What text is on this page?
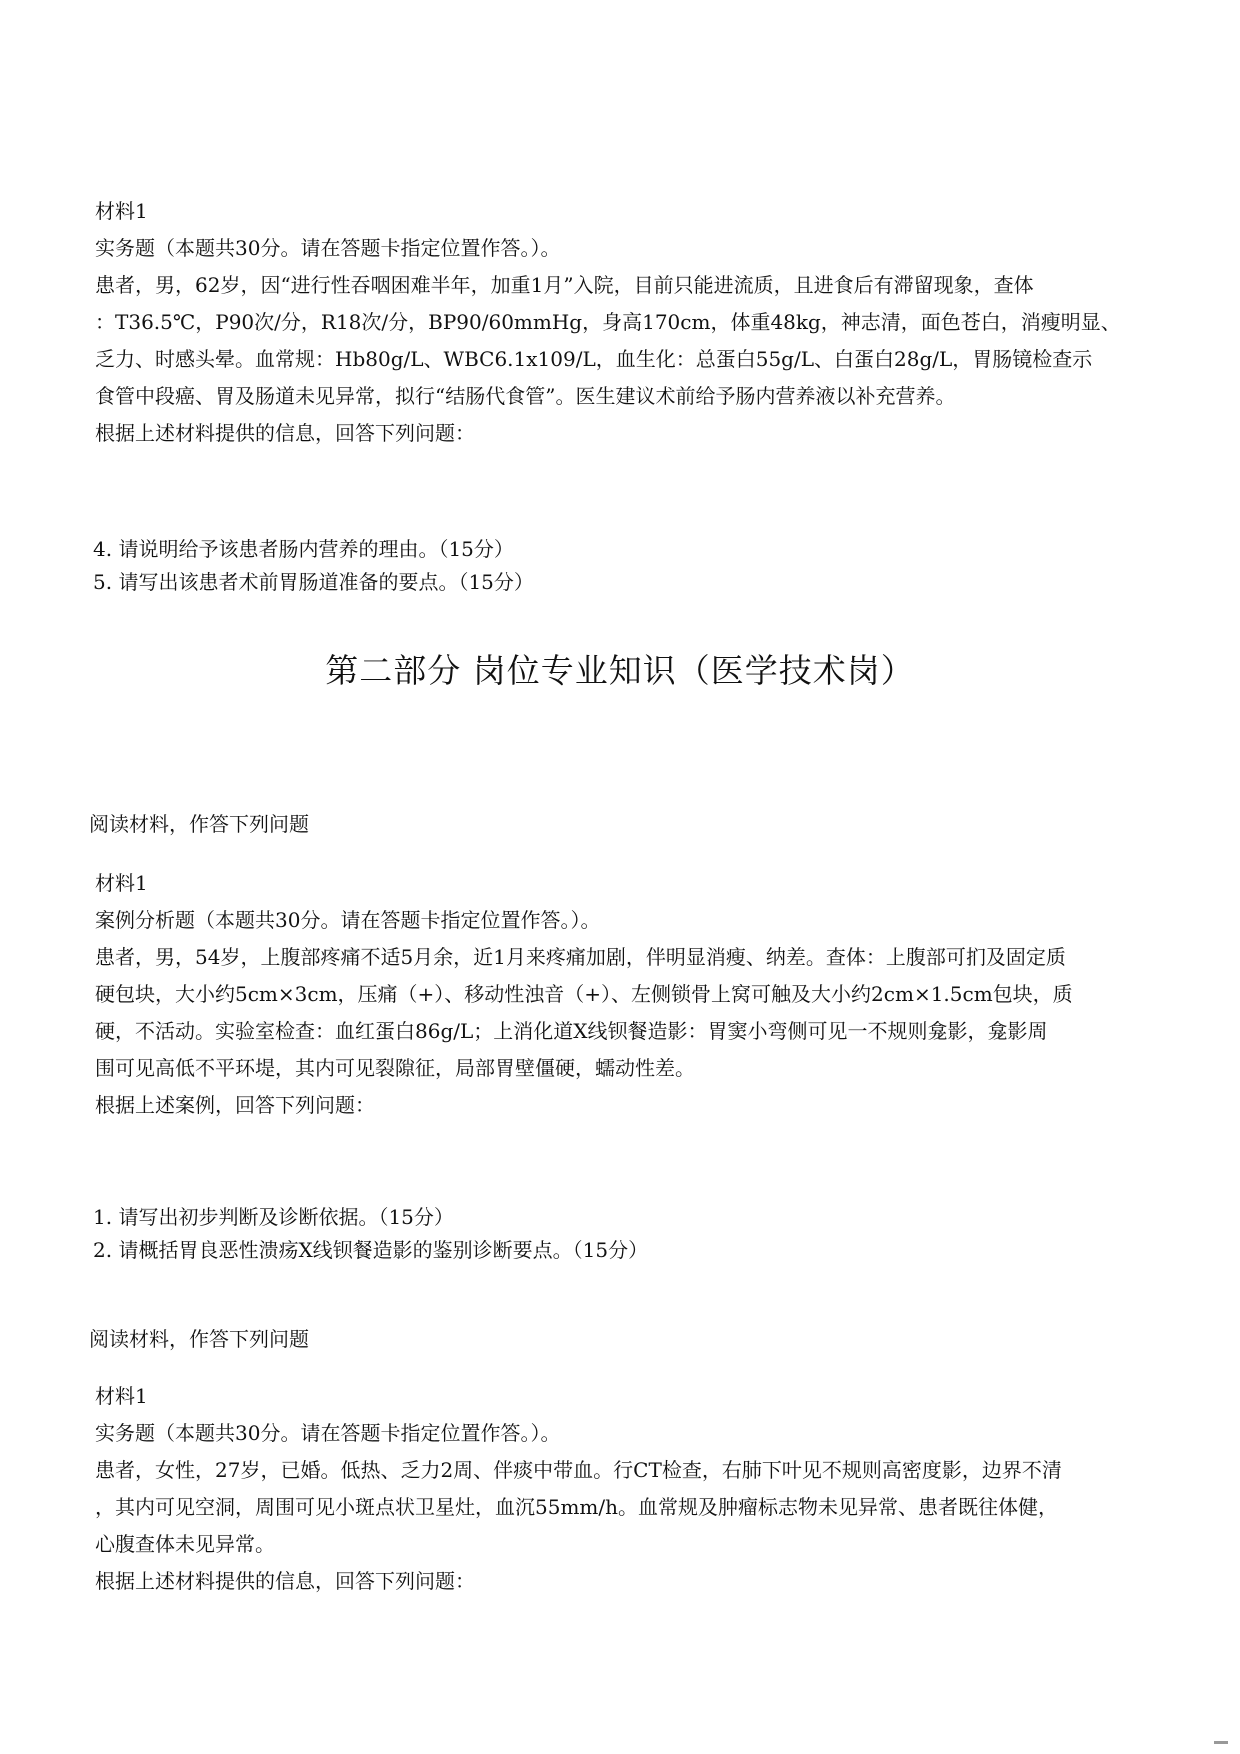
材料1
实务题（本题共30分。请在答题卡指定位置作答。）。
患者，男，62岁，因“进行性吞咽困难半年，加重1月”入院，目前只能进流质，且进食后有滞留现象，查体
：T36.5℃，P90次/分，R18次/分，BP90/60mmHg，身高170cm，体重48kg，神志清，面色苍白，消瘦明显、
乏力、时感头晕。血常规：Hb80g/L、WBC6.1x109/L，血生化：总蛋白55g/L、白蛋白28g/L，胃肠镜检查示
食管中段癌、胃及肠道未见异常，拟行“结肠代食管”。医生建议术前给予肠内营养液以补充营养。
根据上述材料提供的信息，回答下列问题：
4. 请说明给予该患者肠内营养的理由。（15分）
5. 请写出该患者术前胃肠道准备的要点。（15分）
第二部分 岗位专业知识（医学技术岗）
阅读材料，作答下列问题
材料1
案例分析题（本题共30分。请在答题卡指定位置作答。）。
患者，男，54岁，上腹部疼痛不适5月余，近1月来疼痛加剧，伴明显消瘦、纳差。查体：上腹部可扪及固定质
硬包块，大小约5cm×3cm，压痛（+）、移动性浊音（+）、左侧锁骨上窝可触及大小约2cm×1.5cm包块，质
硬，不活动。实验室检查：血红蛋白86g/L；上消化道X线钡餐造影：胃窦小弯侧可见一不规则龛影，龛影周
围可见高低不平环堤，其内可见裂隙征，局部胃壁僵硬，蠕动性差。
根据上述案例，回答下列问题：
1. 请写出初步判断及诊断依据。（15分）
2. 请概括胃良恶性溃疡X线钡餐造影的鉴别诊断要点。（15分）
阅读材料，作答下列问题
材料1
实务题（本题共30分。请在答题卡指定位置作答。）。
患者，女性，27岁，已婚。低热、乏力2周、伴痰中带血。行CT检查，右肺下叶见不规则高密度影，边界不清
，其内可见空洞，周围可见小斑点状卫星灶，血沉55mm/h。血常规及肿瘤标志物未见异常、患者既往体健，
心腹查体未见异常。
根据上述材料提供的信息，回答下列问题：
